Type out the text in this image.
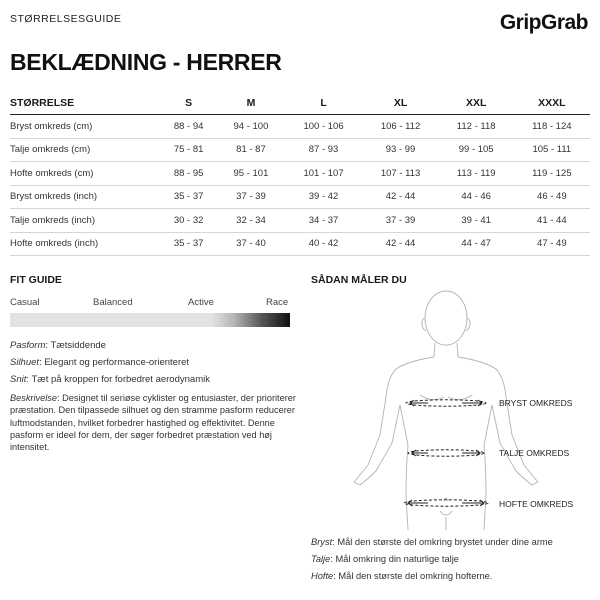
STØRRELSESGUIDE	GripGrab
BEKLÆDNING - HERRER
STØRRELSE	S	M	L	XL	XXL	XXXL
Bryst omkreds (cm)	88 - 94	94 - 100	100 - 106	106 - 112	112 - 118	118 - 124
Talje omkreds (cm)	75 - 81	81 - 87	87 - 93	93 - 99	99 - 105	105 - 111
Hofte omkreds (cm)	88 - 95	95 - 101	101 - 107	107 - 113	113 - 119	119 - 125
Bryst omkreds (inch)	35 - 37	37 - 39	39 - 42	42 - 44	44 - 46	46 - 49
Talje omkreds (inch)	30 - 32	32 - 34	34 - 37	37 - 39	39 - 41	41 - 44
Hofte omkreds (inch)	35 - 37	37 - 40	40 - 42	42 - 44	44 - 47	47 - 49
FIT GUIDE
Casual	Balanced	Active	Race
Pasform: Tætsiddende
Silhuet: Elegant og performance-orienteret
Snit: Tæt på kroppen for forbedret aerodynamik
Beskrivelse: Designet til seriøse cyklister og entusiaster, der prioriterer præstation. Den tilpassede silhuet og den stramme pasform reducerer luftmodstanden, hvilket forbedrer hastighed og effektivitet. Denne pasform er ideel for dem, der søger forbedret præstation ved høj intensitet.
SÅDAN MÅLER DU
BRYST OMKREDS
TALJE OMKREDS
HOFTE OMKREDS
Bryst: Mål den største del omkring brystet under dine arme
Talje: Mål omkring din naturlige talje
Hofte: Mål den største del omkring hofterne.
